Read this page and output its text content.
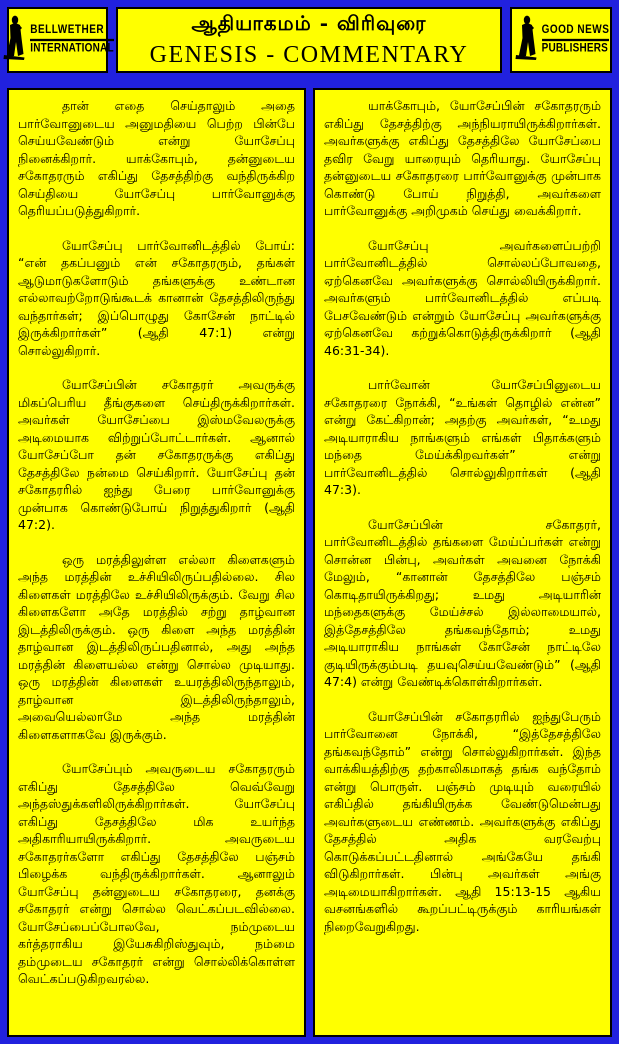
BELLWETHER
INTERNATIONAL
ஆதியாகமம் - விரிவுரை
GENESIS - COMMENTARY
GOOD NEWS
PUBLISHERS

தான் எதை செய்தாலும் அதை பார்வோனுடைய அனுமதியை பெற்ற பின்பே செய்யவேண்டும் என்று யோசேப்பு நினைக்கிறார். யாக்கோபும், தன்னுடைய சகோதரரும் எகிப்து தேசத்திற்கு வந்திருக்கிற செய்தியை யோசேப்பு பார்வோனுக்கு தெரியப்படுத்துகிறார்.

யோசேப்பு பார்வோனிடத்தில் போய்: “என் தகப்பனும் என் சகோதரரும், தங்கள் ஆடுமாடுகளோடும் தங்களுக்கு உண்டான எல்லாவற்றோடுங்கூடக் கானான் தேசத்திலிருந்து வந்தார்கள்; இப்பொழுது கோசேன் நாட்டில் இருக்கிறார்கள்” (ஆதி 47:1) என்று சொல்லுகிறார்.

யோசேப்பின் சகோதரர் அவருக்கு மிகப்பெரிய தீங்குகளை செய்திருக்கிறார்கள். அவர்கள் யோசேப்பை இஸ்மவேலருக்கு அடிமையாக விற்றுப்போட்டார்கள். ஆனால் யோசேப்போ தன் சகோதரருக்கு எகிப்து தேசத்திலே நன்மை செய்கிறார். யோசேப்பு தன் சகோதரரில் ஐந்து பேரை பார்வோனுக்கு முன்பாக கொண்டுபோய் நிறுத்துகிறார் (ஆதி 47:2).

ஒரு மரத்திலுள்ள எல்லா கிளைகளும் அந்த மரத்தின் உச்சியிலிருப்பதில்லை. சில கிளைகள் மரத்திலே உச்சியிலிருக்கும். வேறு சில கிளைகளோ அதே மரத்தில் சற்று தாழ்வான இடத்திலிருக்கும். ஒரு கிளை அந்த மரத்தின் தாழ்வான இடத்திலிருப்பதினால், அது அந்த மரத்தின் கிளையல்ல என்று சொல்ல முடியாது. ஒரு மரத்தின் கிளைகள் உயரத்திலிருந்தாலும், தாழ்வான இடத்திலிருந்தாலும், அவையெல்லாமே அந்த மரத்தின் கிளைகளாகவே இருக்கும்.

யோசேப்பும் அவருடைய சகோதரரும் எகிப்து தேசத்திலே வெவ்வேறு அந்தஸ்துக்களிலிருக்கிறார்கள். யோசேப்பு எகிப்து தேசத்திலே மிக உயர்ந்த அதிகாரியாயிருக்கிறார். அவருடைய சகோதரர்களோ எகிப்து தேசத்திலே பஞ்சம் பிழைக்க வந்திருக்கிறார்கள். ஆனாலும் யோசேப்பு தன்னுடைய சகோதரரை, தனக்கு சகோதரர் என்று சொல்ல வெட்கப்படவில்லை. யோசேப்பைப்போலவே, நம்முடைய கர்த்தராகிய இயேசுகிறிஸ்துவும், நம்மை தம்முடைய சகோதரர் என்று சொல்லிக்கொள்ள வெட்கப்படுகிறவரல்ல.

யாக்கோபும், யோசேப்பின் சகோதரரும் எகிப்து தேசத்திற்கு அந்நியராயிருக்கிறார்கள். அவர்களுக்கு எகிப்து தேசத்திலே யோசேப்பை தவிர வேறு யாரையும் தெரியாது. யோசேப்பு தன்னுடைய சகோதரரை பார்வோனுக்கு முன்பாக கொண்டு போய் நிறுத்தி, அவர்களை பார்வோனுக்கு அறிமுகம் செய்து வைக்கிறார்.

யோசேப்பு அவர்களைப்பற்றி பார்வோனிடத்தில் சொல்லப்போவதை, ஏற்கெனவே அவர்களுக்கு சொல்லியிருக்கிறார். அவர்களும் பார்வோனிடத்தில் எப்படி பேசவேண்டும் என்றும் யோசேப்பு அவர்களுக்கு ஏற்கெனவே கற்றுக்கொடுத்திருக்கிறார் (ஆதி 46:31-34).

பார்வோன் யோசேப்பினுடைய சகோதரரை நோக்கி, “உங்கள் தொழில் என்ன” என்று கேட்கிறான்; அதற்கு அவர்கள், “உமது அடியாராகிய நாங்களும் எங்கள் பிதாக்களும் மந்தை மேய்க்கிறவர்கள்” என்று பார்வோனிடத்தில் சொல்லுகிறார்கள் (ஆதி 47:3).

யோசேப்பின் சகோதரர், பார்வோனிடத்தில் தங்களை மேய்ப்பர்கள் என்று சொன்ன பின்பு, அவர்கள் அவனை நோக்கி மேலும், “கானான் தேசத்திலே பஞ்சம் கொடிதாயிருக்கிறது; உமது அடியாரின் மந்தைகளுக்கு மேய்ச்சல் இல்லாமையால், இத்தேசத்திலே தங்கவந்தோம்; உமது அடியாராகிய நாங்கள் கோசேன் நாட்டிலே குடியிருக்கும்படி தயவுசெய்யவேண்டும்” (ஆதி 47:4) என்று வேண்டிக்கொள்கிறார்கள்.

யோசேப்பின் சகோதரரில் ஐந்துபேரும் பார்வோனை நோக்கி, “இத்தேசத்திலே தங்கவந்தோம்” என்று சொல்லுகிறார்கள். இந்த வாக்கியத்திற்கு தற்காலிகமாகத் தங்க வந்தோம் என்று பொருள். பஞ்சம் முடியும் வரையில் எகிப்தில் தங்கியிருக்க வேண்டுமென்பது அவர்களுடைய எண்ணம். அவர்களுக்கு எகிப்து தேசத்தில் அதிக வரவேற்பு கொடுக்கப்பட்டதினால் அங்கேயே தங்கி விடுகிறார்கள். பின்பு அவர்கள் அங்கு அடிமையாகிறார்கள். ஆதி 15:13-15 ஆகிய வசனங்களில் கூறப்பட்டிருக்கும் காரியங்கள் நிறைவேறுகிறது.
